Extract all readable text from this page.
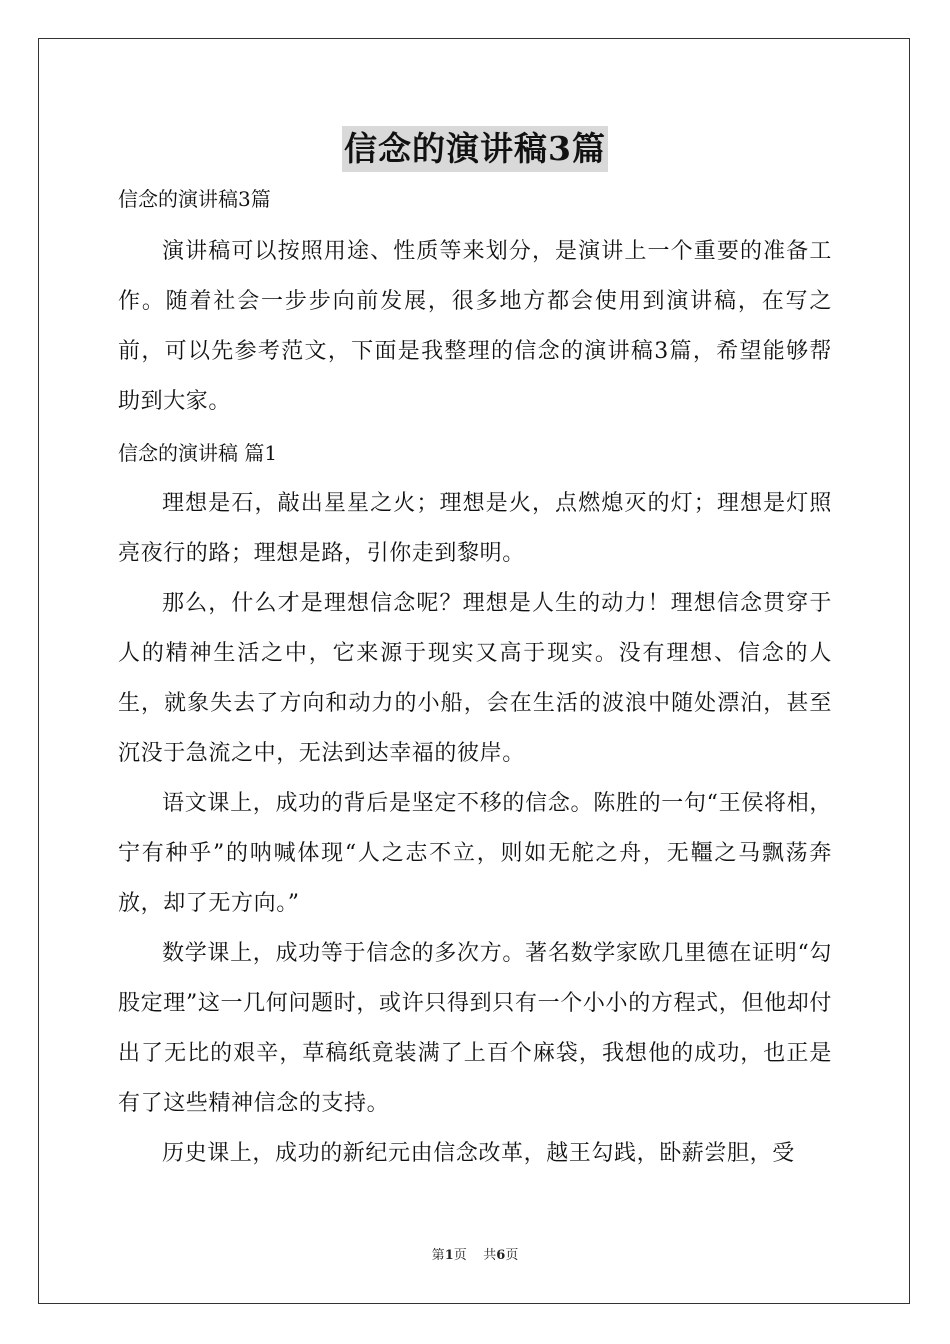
信念的演讲稿3篇

信念的演讲稿3篇

演讲稿可以按照用途、性质等来划分，是演讲上一个重要的准备工作。随着社会一步步向前发展，很多地方都会使用到演讲稿，在写之前，可以先参考范文，下面是我整理的信念的演讲稿3篇，希望能够帮助到大家。

信念的演讲稿 篇1

理想是石，敲出星星之火；理想是火，点燃熄灭的灯；理想是灯照亮夜行的路；理想是路，引你走到黎明。

那么，什么才是理想信念呢？理想是人生的动力！理想信念贯穿于人的精神生活之中，它来源于现实又高于现实。没有理想、信念的人生，就象失去了方向和动力的小船，会在生活的波浪中随处漂泊，甚至沉没于急流之中，无法到达幸福的彼岸。

语文课上，成功的背后是坚定不移的信念。陈胜的一句“王侯将相，宁有种乎”的呐喊体现“人之志不立，则如无舵之舟，无韁之马飘荡奔放，却了无方向。”

数学课上，成功等于信念的多次方。著名数学家欧几里德在证明“勾股定理”这一几何问题时，或许只得到只有一个小小的方程式，但他却付出了无比的艰辛，草稿纸竟装满了上百个麻袋，我想他的成功，也正是有了这些精神信念的支持。

历史课上，成功的新纪元由信念改革，越王勾践，卧薪尝胆，受

第1页    共6页
